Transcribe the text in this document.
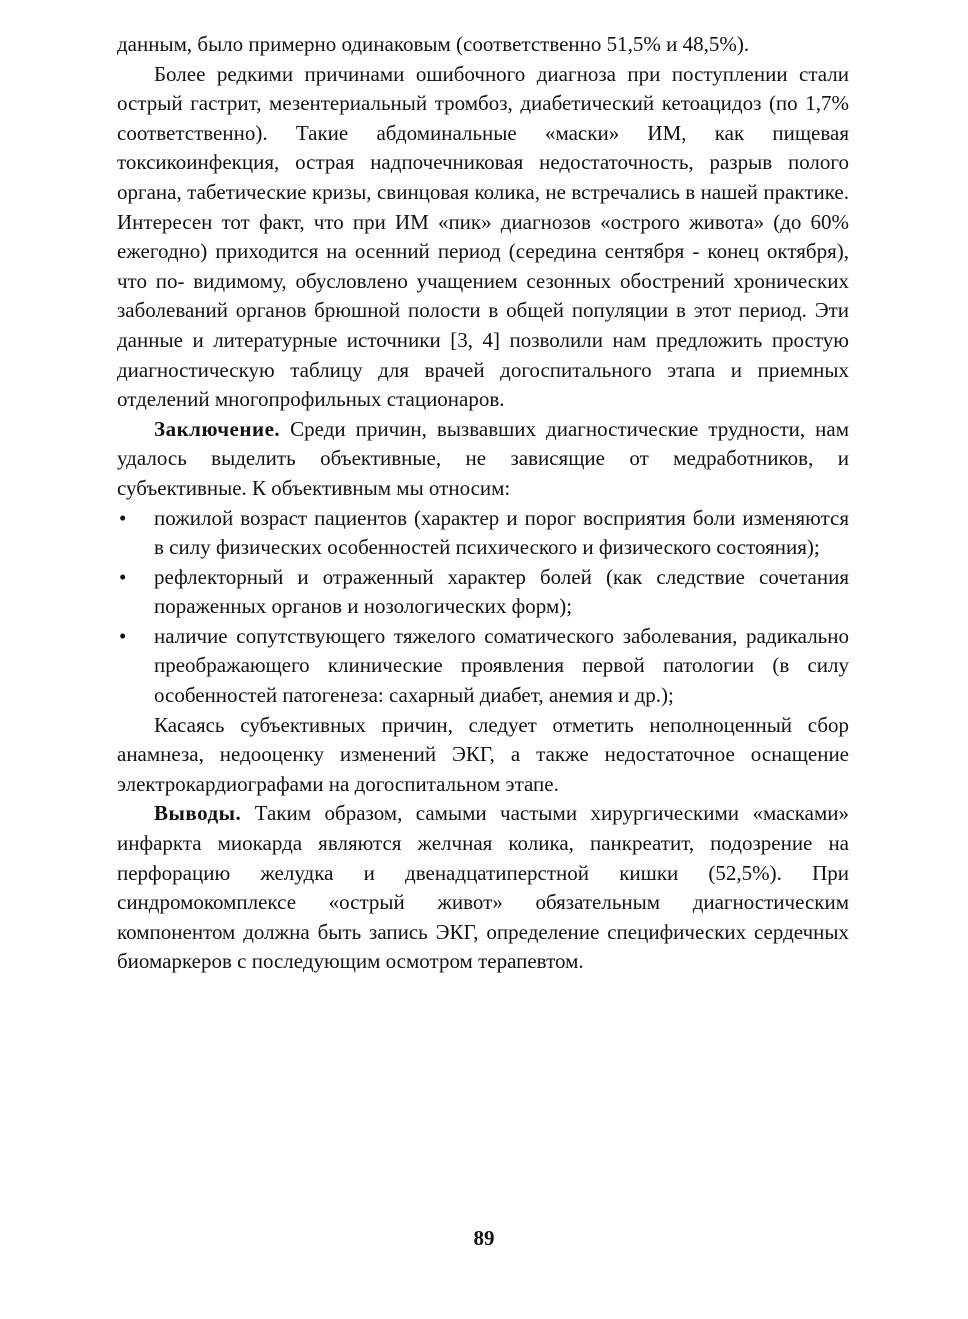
данным, было примерно одинаковым (соответственно 51,5% и 48,5%).

Более редкими причинами ошибочного диагноза при поступлении стали острый гастрит, мезентериальный тромбоз, диабетический кетоацидоз (по 1,7% соответственно). Такие абдоминальные «маски» ИМ, как пищевая токсикоинфекция, острая надпочечниковая недостаточность, разрыв полого органа, табетические кризы, свинцовая колика, не встречались в нашей практике. Интересен тот факт, что при ИМ «пик» диагнозов «острого живота» (до 60% ежегодно) приходится на осенний период (середина сентября - конец октября), что по- видимому, обусловлено учащением сезонных обострений хронических заболеваний органов брюшной полости в общей популяции в этот период. Эти данные и литературные источники [3, 4] позволили нам предложить простую диагностическую таблицу для врачей догоспитального этапа и приемных отделений многопрофильных стационаров.

Заключение. Среди причин, вызвавших диагностические трудности, нам удалось выделить объективные, не зависящие от медработников, и субъективные. К объективным мы относим:

• пожилой возраст пациентов (характер и порог восприятия боли изменяются в силу физических особенностей психического и физического состояния);
• рефлекторный и отраженный характер болей (как следствие сочетания пораженных органов и нозологических форм);
• наличие сопутствующего тяжелого соматического заболевания, радикально преображающего клинические проявления первой патологии (в силу особенностей патогенеза: сахарный диабет, анемия и др.);

Касаясь субъективных причин, следует отметить неполноценный сбор анамнеза, недооценку изменений ЭКГ, а также недостаточное оснащение электрокардиографами на догоспитальном этапе.

Выводы. Таким образом, самыми частыми хирургическими «масками» инфаркта миокарда являются желчная колика, панкреатит, подозрение на перфорацию желудка и двенадцатиперстной кишки (52,5%). При синдромокомплексе «острый живот» обязательным диагностическим компонентом должна быть запись ЭКГ, определение специфических сердечных биомаркеров с последующим осмотром терапевтом.

89
